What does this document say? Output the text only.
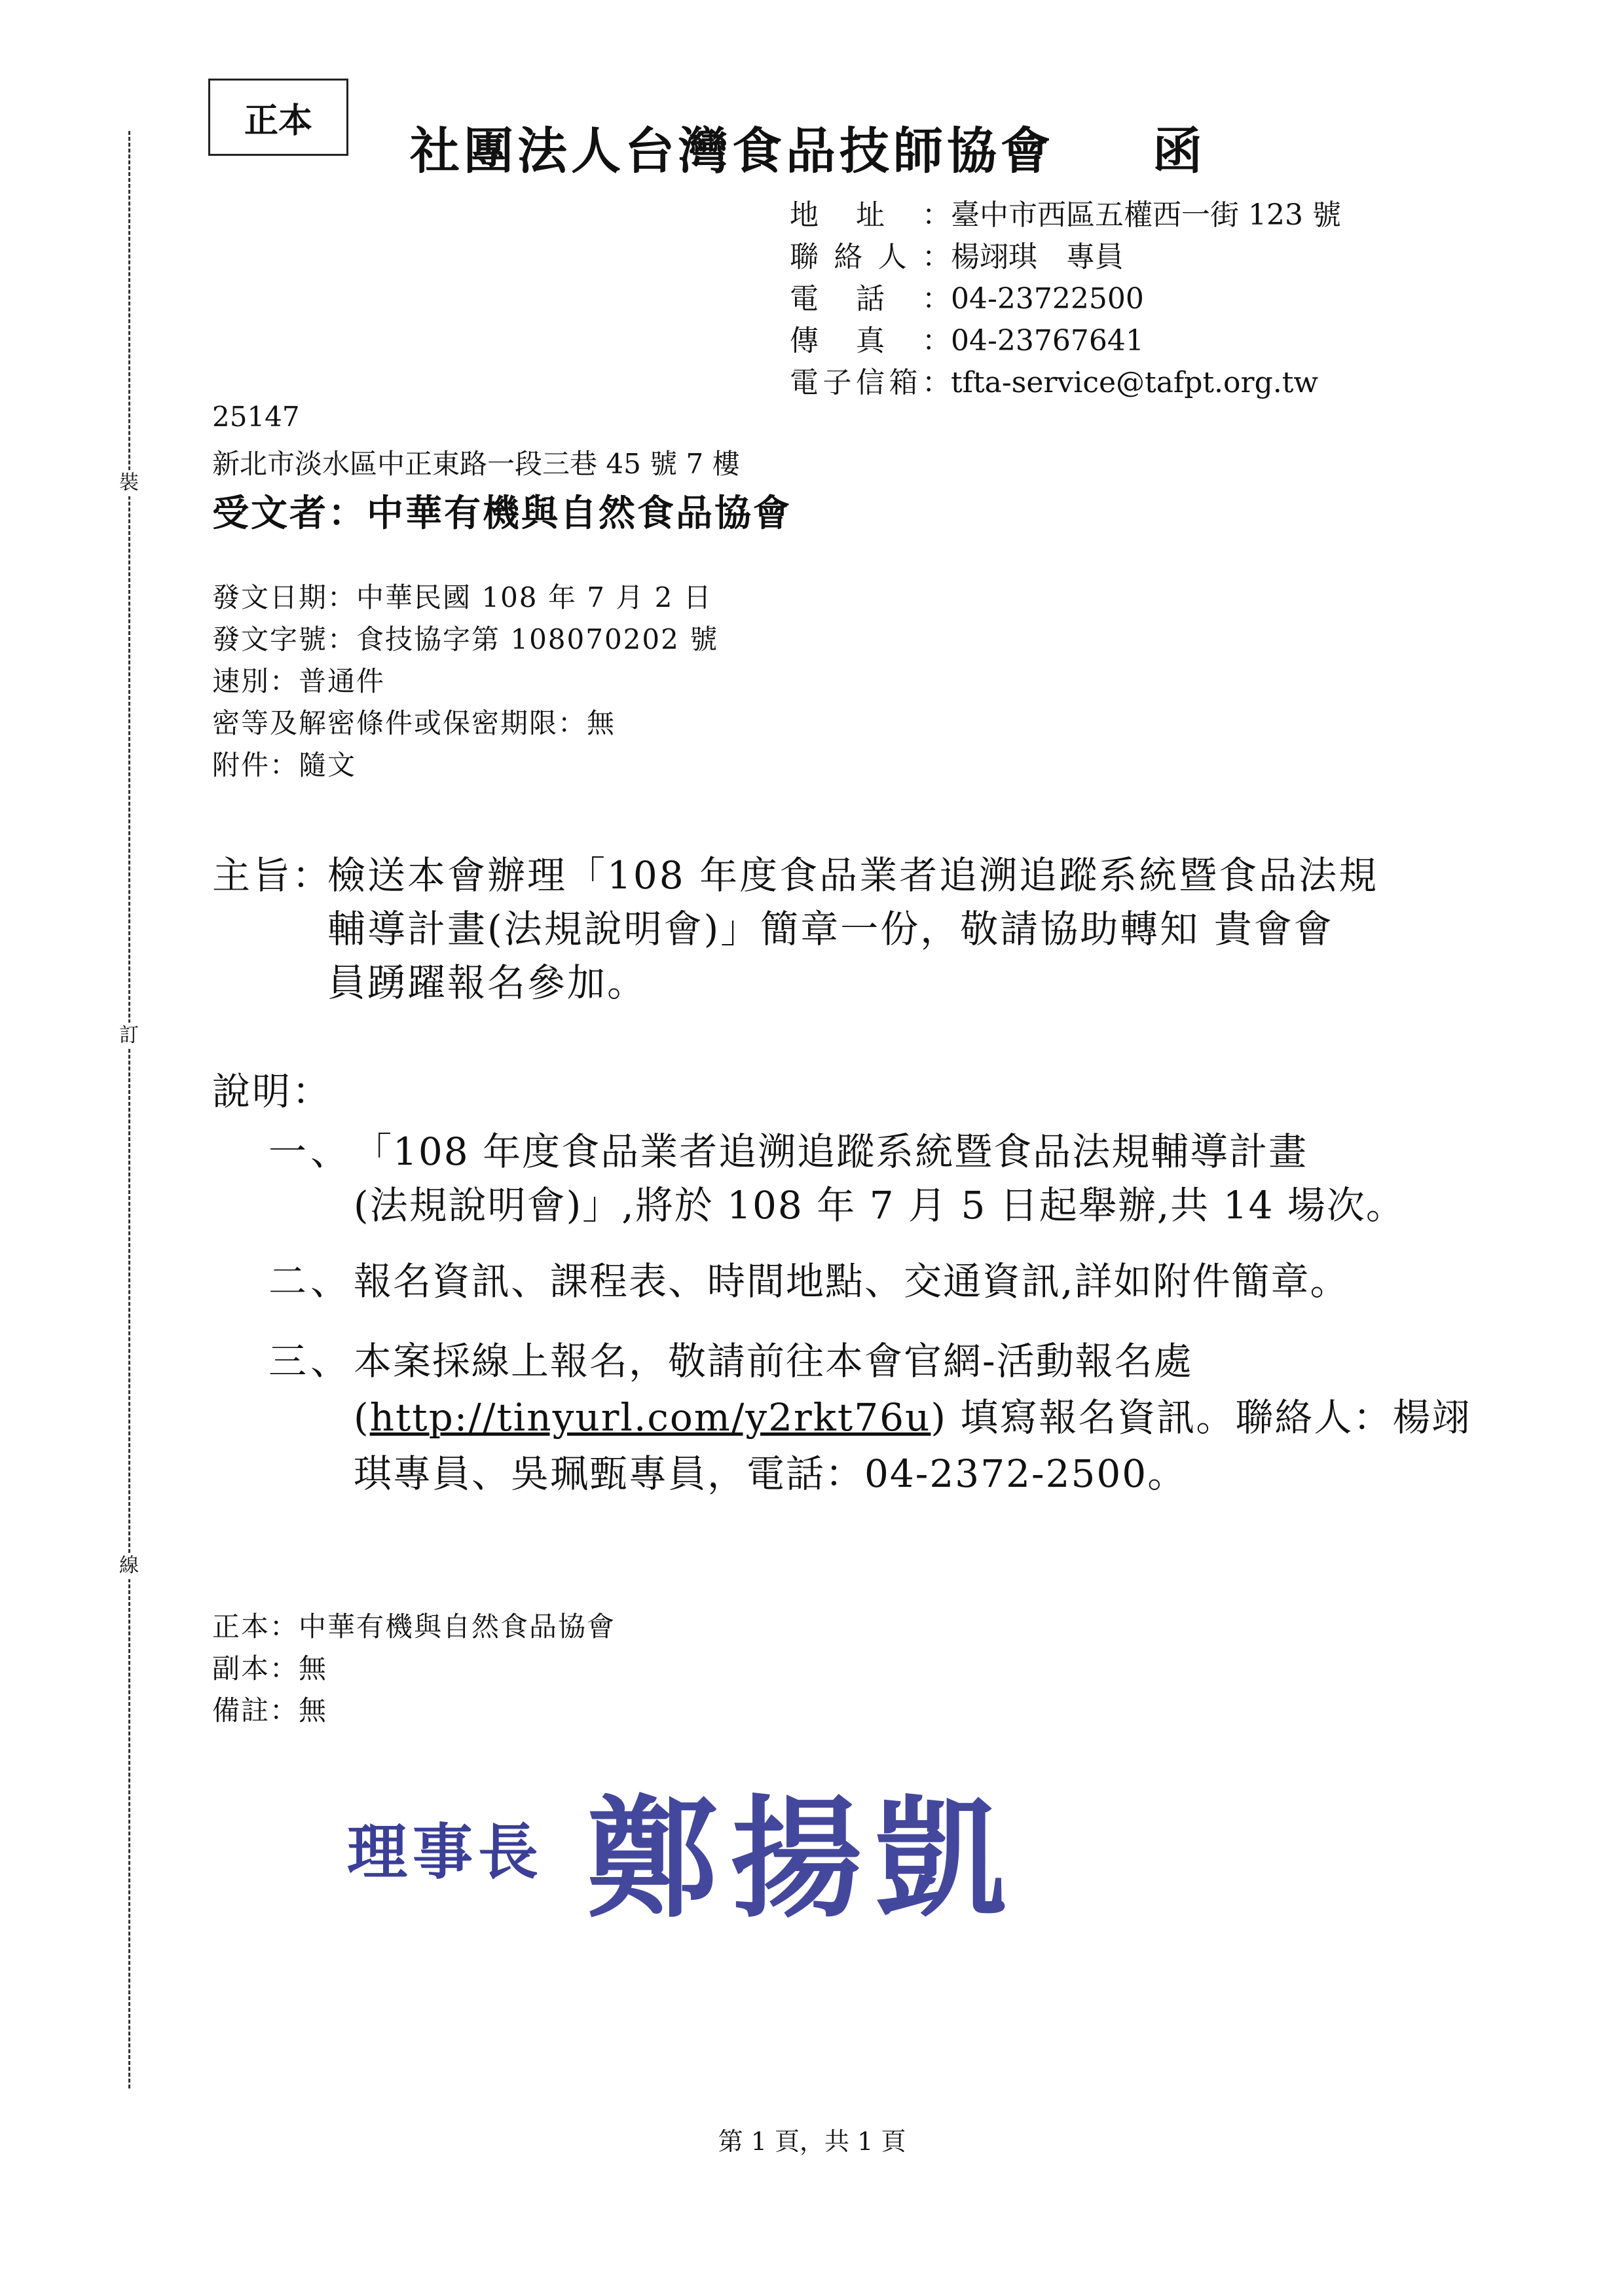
裝
訂
線
正本
社團法人台灣食品技師協會 函
地址：臺中市西區五權西一街 123 號
聯絡人：楊翊琪　專員
電話：04-23722500
傳真：04-23767641
電子信箱：tfta-service@tafpt.org.tw
25147
新北市淡水區中正東路一段三巷 45 號 7 樓
受文者：中華有機與自然食品協會
發文日期：中華民國 108 年 7 月 2 日
發文字號：食技協字第 108070202 號
速別：普通件
密等及解密條件或保密期限：無
附件：隨文
主旨：
檢送本會辦理「108 年度食品業者追溯追蹤系統暨食品法規
輔導計畫(法規說明會)」簡章一份，敬請協助轉知 貴會會
員踴躍報名參加。
說明：
一、 「108 年度食品業者追溯追蹤系統暨食品法規輔導計畫
(法規說明會)」,將於 108 年 7 月 5 日起舉辦,共 14 場次。
二、 報名資訊、課程表、時間地點、交通資訊,詳如附件簡章。
三、 本案採線上報名，敬請前往本會官網-活動報名處
(http://tinyurl.com/y2rkt76u) 填寫報名資訊。聯絡人：楊翊
琪專員、吳珮甄專員，電話：04-2372-2500。
正本：中華有機與自然食品協會
副本：無
備註：無
理事長 鄭揚凱
第 1 頁，共 1 頁
